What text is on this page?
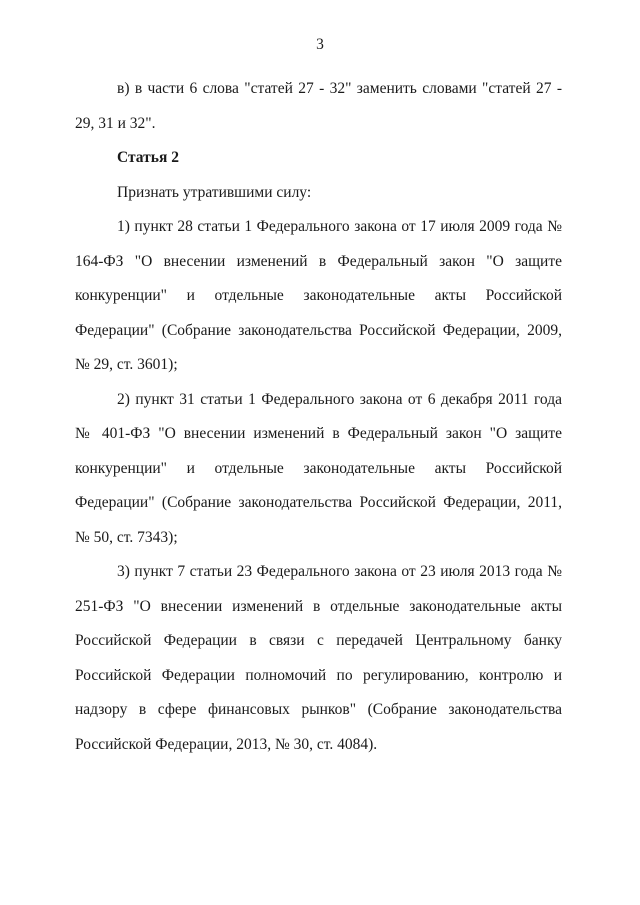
3

в) в части 6 слова "статей 27 - 32" заменить словами "статей 27 - 29, 31 и 32".

Статья 2

Признать утратившими силу:

1) пункт 28 статьи 1 Федерального закона от 17 июля 2009 года № 164-ФЗ "О внесении изменений в Федеральный закон "О защите конкуренции" и отдельные законодательные акты Российской Федерации" (Собрание законодательства Российской Федерации, 2009, № 29, ст. 3601);

2) пункт 31 статьи 1 Федерального закона от 6 декабря 2011 года № 401-ФЗ "О внесении изменений в Федеральный закон "О защите конкуренции" и отдельные законодательные акты Российской Федерации" (Собрание законодательства Российской Федерации, 2011, № 50, ст. 7343);

3) пункт 7 статьи 23 Федерального закона от 23 июля 2013 года № 251-ФЗ "О внесении изменений в отдельные законодательные акты Российской Федерации в связи с передачей Центральному банку Российской Федерации полномочий по регулированию, контролю и надзору в сфере финансовых рынков" (Собрание законодательства Российской Федерации, 2013, № 30, ст. 4084).
